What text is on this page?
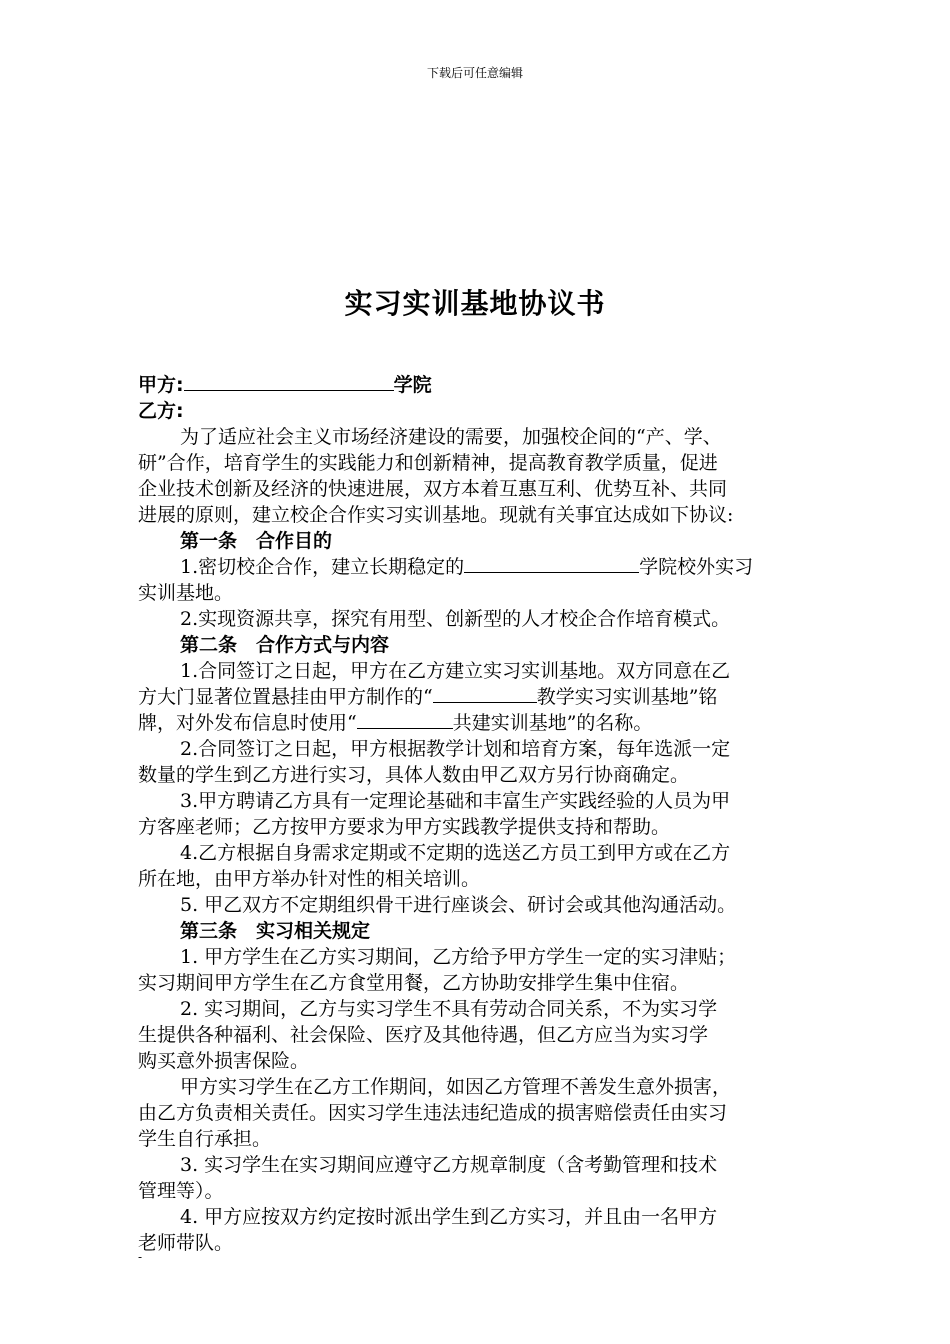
下载后可任意编辑
实习实训基地协议书
甲方:	学院
乙方:
为了适应社会主义市场经济建设的需要，加强校企间的“产、学、
研”合作，培育学生的实践能力和创新精神，提高教育教学质量，促进
企业技术创新及经济的快速进展，双方本着互惠互利、优势互补、共同
进展的原则，建立校企合作实习实训基地。现就有关事宜达成如下协议:
第一条　合作目的
1.密切校企合作，建立长期稳定的	学院校外实习
实训基地。
2.实现资源共享，探究有用型、创新型的人才校企合作培育模式。
第二条　合作方式与内容
1.合同签订之日起，甲方在乙方建立实习实训基地。双方同意在乙
方大门显著位置悬挂由甲方制作的“	教学实习实训基地”铭
牌，对外发布信息时使用“	共建实训基地”的名称。
2.合同签订之日起，甲方根据教学计划和培育方案，每年选派一定
数量的学生到乙方进行实习，具体人数由甲乙双方另行协商确定。
3.甲方聘请乙方具有一定理论基础和丰富生产实践经验的人员为甲
方客座老师；乙方按甲方要求为甲方实践教学提供支持和帮助。
4.乙方根据自身需求定期或不定期的选送乙方员工到甲方或在乙方
所在地，由甲方举办针对性的相关培训。
5. 甲乙双方不定期组织骨干进行座谈会、研讨会或其他沟通活动。
第三条　实习相关规定
1. 甲方学生在乙方实习期间，乙方给予甲方学生一定的实习津贴；
实习期间甲方学生在乙方食堂用餐，乙方协助安排学生集中住宿。
2. 实习期间，乙方与实习学生不具有劳动合同关系，不为实习学
生提供各种福利、社会保险、医疗及其他待遇，但乙方应当为实习学
购买意外损害保险。
甲方实习学生在乙方工作期间，如因乙方管理不善发生意外损害，
由乙方负责相关责任。因实习学生违法违纪造成的损害赔偿责任由实习
学生自行承担。
3. 实习学生在实习期间应遵守乙方规章制度（含考勤管理和技术
管理等）。
4. 甲方应按双方约定按时派出学生到乙方实习，并且由一名甲方
老师带队。
-
